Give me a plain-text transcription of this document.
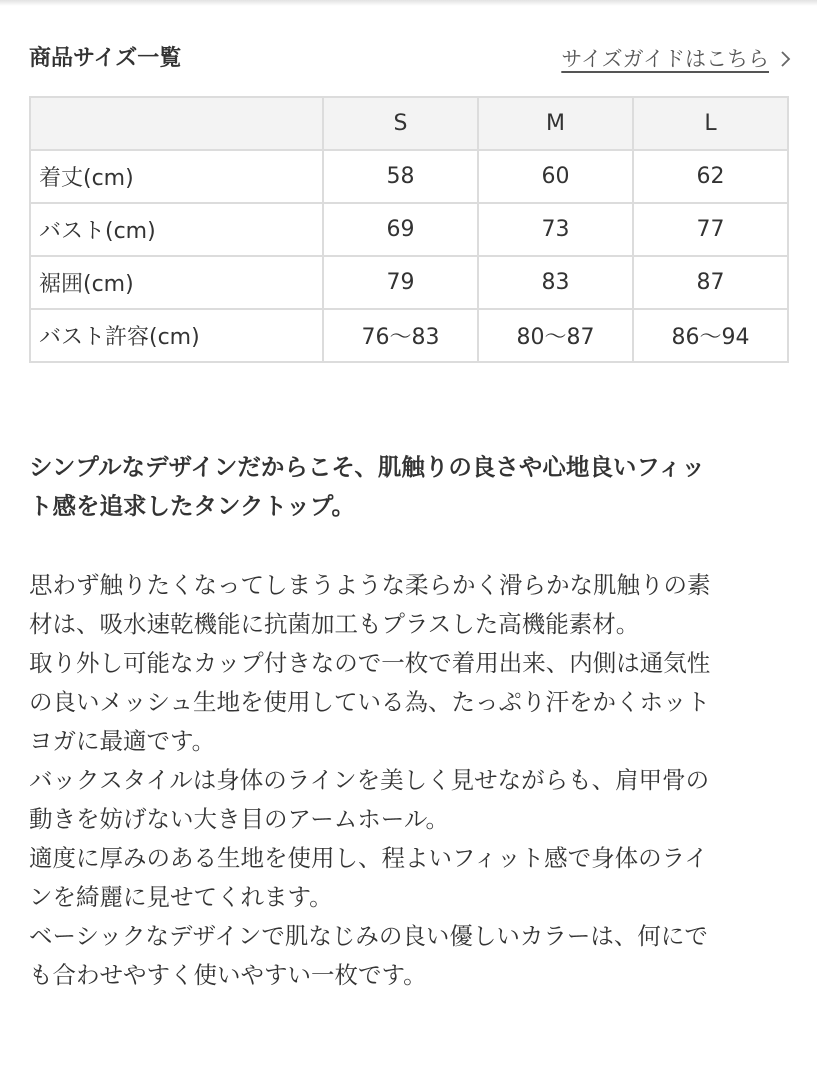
商品サイズ一覧	サイズガイドはこちら
	S	M	L
着丈(cm)	58	60	62
バスト(cm)	69	73	77
裾囲(cm)	79	83	87
バスト許容(cm)	76〜83	80〜87	86〜94
シンプルなデザインだからこそ、肌触りの良さや心地良いフィッ
ト感を追求したタンクトップ。
思わず触りたくなってしまうような柔らかく滑らかな肌触りの素
材は、吸水速乾機能に抗菌加工もプラスした高機能素材。
取り外し可能なカップ付きなので一枚で着用出来、内側は通気性
の良いメッシュ生地を使用している為、たっぷり汗をかくホット
ヨガに最適です。
バックスタイルは身体のラインを美しく見せながらも、肩甲骨の
動きを妨げない大き目のアームホール。
適度に厚みのある生地を使用し、程よいフィット感で身体のライ
ンを綺麗に見せてくれます。
ベーシックなデザインで肌なじみの良い優しいカラーは、何にで
も合わせやすく使いやすい一枚です。
